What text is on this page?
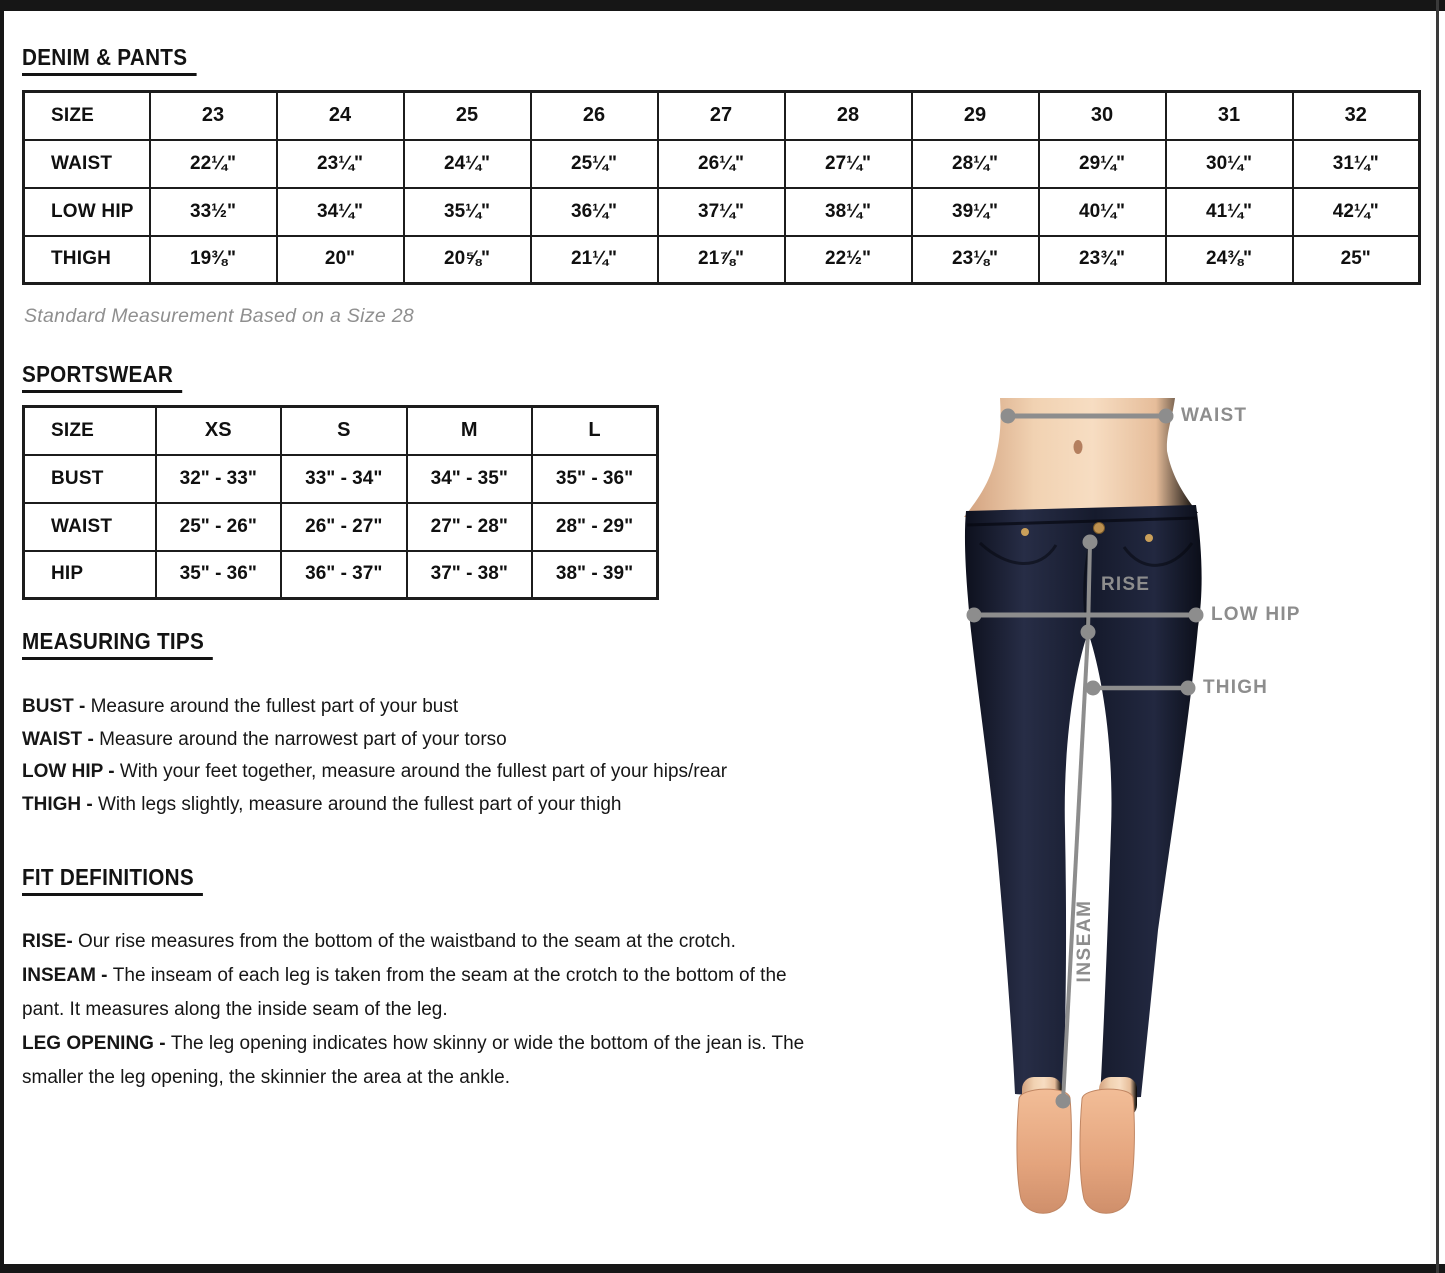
DENIM & PANTS
SIZE	23	24	25	26	27	28	29	30	31	32
WAIST	22¼"	23¼"	24¼"	25¼"	26¼"	27¼"	28¼"	29¼"	30¼"	31¼"
LOW HIP	33½"	34¼"	35¼"	36¼"	37¼"	38¼"	39¼"	40¼"	41¼"	42¼"
THIGH	19⅜"	20"	20⅝"	21¼"	21⅞"	22½"	23⅛"	23¾"	24⅜"	25"

Standard Measurement Based on a Size 28

SPORTSWEAR
SIZE	XS	S	M	L
BUST	32" - 33"	33" - 34"	34" - 35"	35" - 36"
WAIST	25" - 26"	26" - 27"	27" - 28"	28" - 29"
HIP	35" - 36"	36" - 37"	37" - 38"	38" - 39"
MEASURING TIPS

BUST - Measure around the fullest part of your bust

WAIST - Measure around the narrowest part of your torso

LOW HIP - With your feet together, measure around the fullest part of your hips/rear

THIGH - With legs slightly, measure around the fullest part of your thigh

FIT DEFINITIONS

RISE- Our rise measures from the bottom of the waistband to the seam at the crotch.

INSEAM - The inseam of each leg is taken from the seam at the crotch to the bottom of the pant. It measures along the inside seam of the leg.

LEG OPENING - The leg opening indicates how skinny or wide the bottom of the jean is. The smaller the leg opening, the skinnier the area at the ankle.

WAIST
RISE
LOW HIP
THIGH
INSEAM
